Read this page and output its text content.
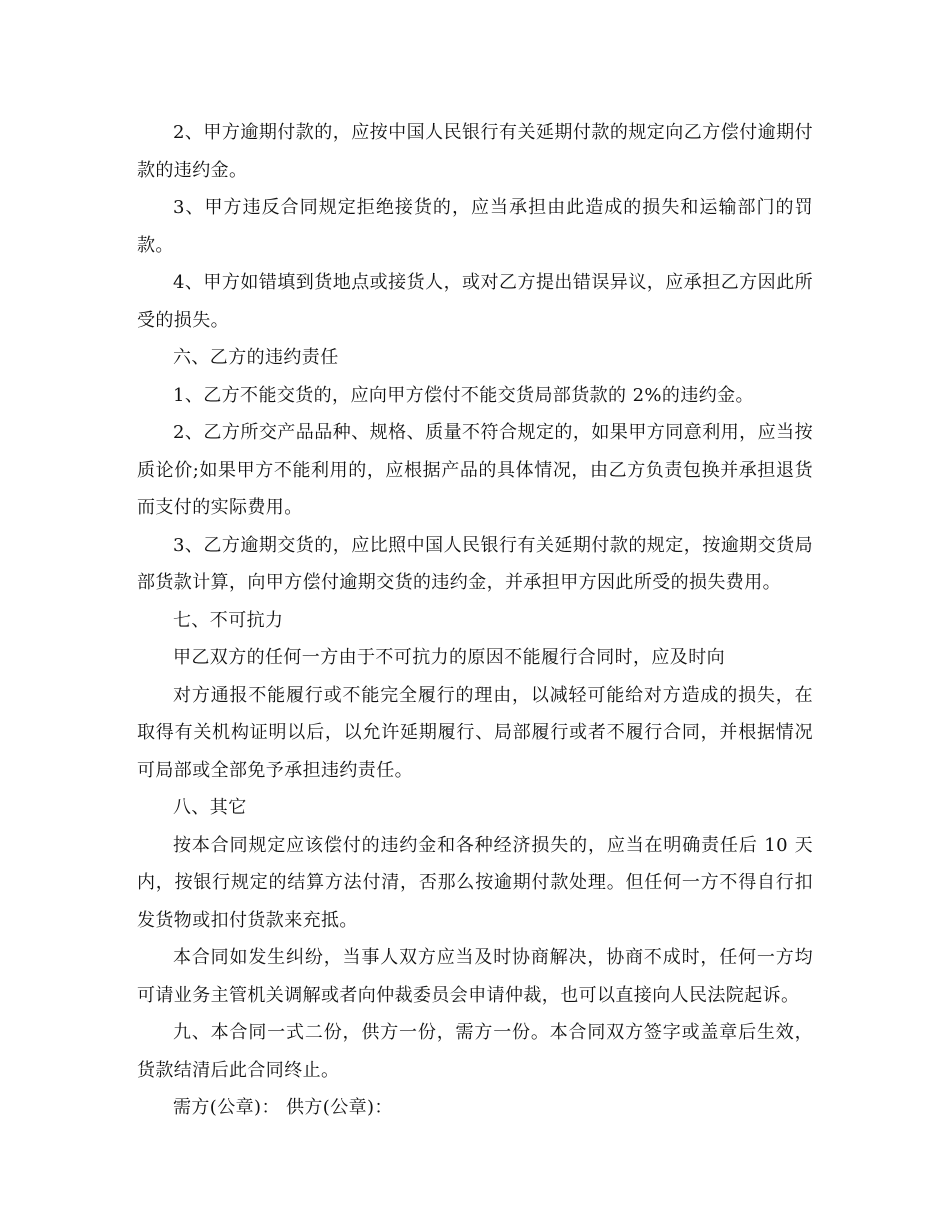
2、甲方逾期付款的，应按中国人民银行有关延期付款的规定向乙方偿付逾期付款的违约金。

3、甲方违反合同规定拒绝接货的，应当承担由此造成的损失和运输部门的罚款。

4、甲方如错填到货地点或接货人，或对乙方提出错误异议，应承担乙方因此所受的损失。

六、乙方的违约责任

1、乙方不能交货的，应向甲方偿付不能交货局部货款的 2%的违约金。

2、乙方所交产品品种、规格、质量不符合规定的，如果甲方同意利用，应当按质论价;如果甲方不能利用的，应根据产品的具体情况，由乙方负责包换并承担退货而支付的实际费用。

3、乙方逾期交货的，应比照中国人民银行有关延期付款的规定，按逾期交货局部货款计算，向甲方偿付逾期交货的违约金，并承担甲方因此所受的损失费用。

七、不可抗力

甲乙双方的任何一方由于不可抗力的原因不能履行合同时，应及时向

对方通报不能履行或不能完全履行的理由，以减轻可能给对方造成的损失，在取得有关机构证明以后，以允许延期履行、局部履行或者不履行合同，并根据情况可局部或全部免予承担违约责任。

八、其它

按本合同规定应该偿付的违约金和各种经济损失的，应当在明确责任后 10 天内，按银行规定的结算方法付清，否那么按逾期付款处理。但任何一方不得自行扣发货物或扣付货款来充抵。

本合同如发生纠纷，当事人双方应当及时协商解决，协商不成时，任何一方均可请业务主管机关调解或者向仲裁委员会申请仲裁，也可以直接向人民法院起诉。

九、本合同一式二份，供方一份，需方一份。本合同双方签字或盖章后生效，货款结清后此合同终止。

需方(公章)： 供方(公章)：
